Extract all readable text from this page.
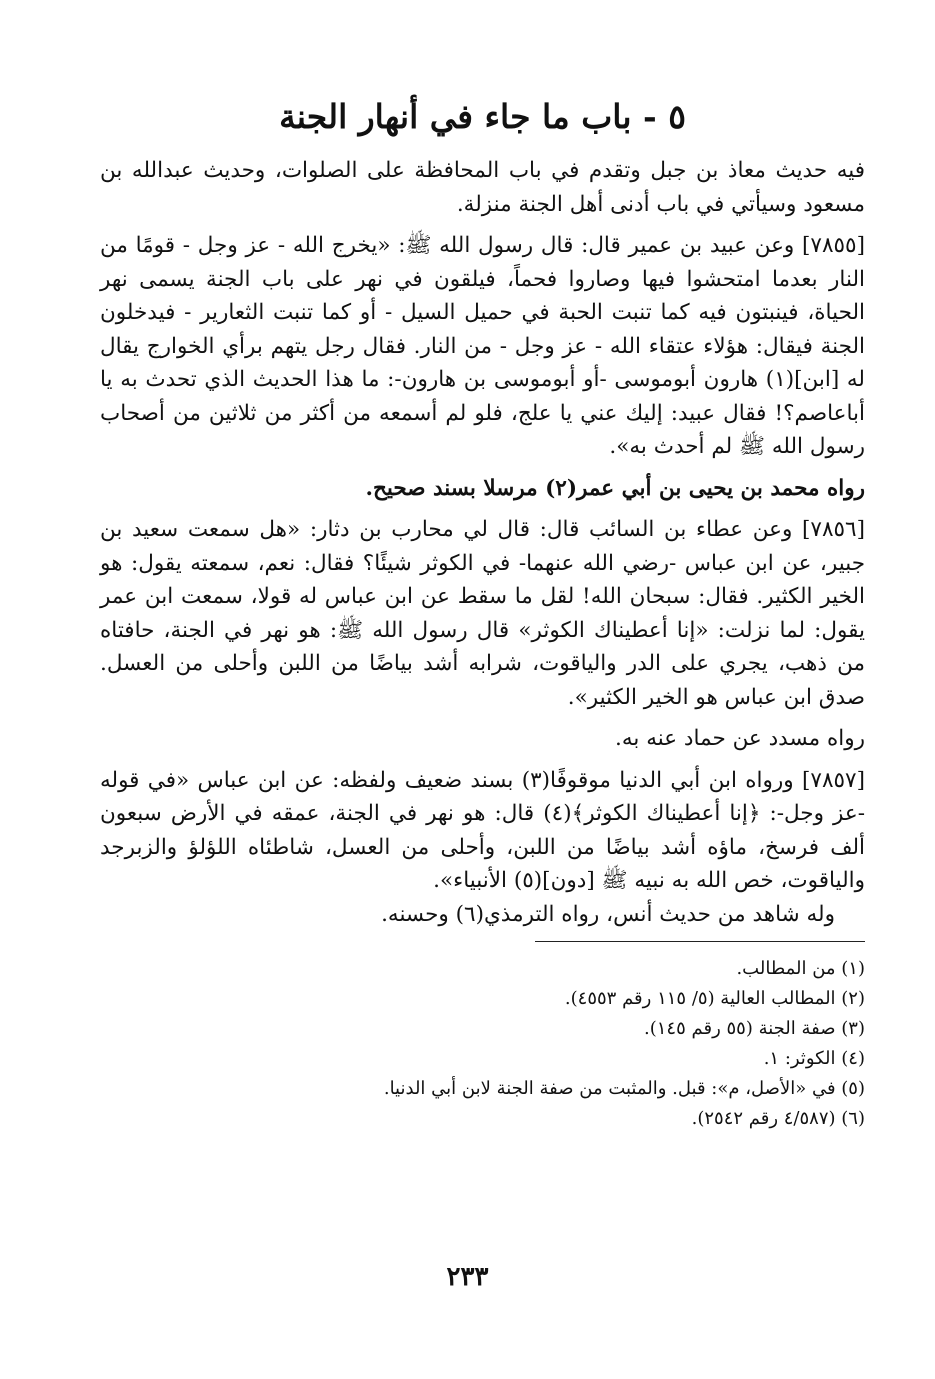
٥ - باب ما جاء في أنهار الجنة

فيه حديث معاذ بن جبل وتقدم في باب المحافظة على الصلوات، وحديث عبدالله بن مسعود وسيأتي في باب أدنى أهل الجنة منزلة.

[٧٨٥٥] وعن عبيد بن عمير قال: قال رسول الله ﷺ: «يخرج الله - عز وجل - قومًا من النار بعدما امتحشوا فيها وصاروا فحماً، فيلقون في نهر على باب الجنة يسمى نهر الحياة، فينبتون فيه كما تنبت الحبة في حميل السيل - أو كما تنبت الثعارير - فيدخلون الجنة فيقال: هؤلاء عتقاء الله - عز وجل - من النار. فقال رجل يتهم برأي الخوارج يقال له [ابن](١) هارون أبوموسى -أو أبوموسى بن هارون-: ما هذا الحديث الذي تحدث به يا أباعاصم؟! فقال عبيد: إليك عني يا علج، فلو لم أسمعه من أكثر من ثلاثين من أصحاب رسول الله ﷺ لم أحدث به».

رواه محمد بن يحيى بن أبي عمر(٢) مرسلا بسند صحيح.

[٧٨٥٦] وعن عطاء بن السائب قال: قال لي محارب بن دثار: «هل سمعت سعيد بن جبير، عن ابن عباس -رضي الله عنهما- في الكوثر شيئًا؟ فقال: نعم، سمعته يقول: هو الخير الكثير. فقال: سبحان الله! لقل ما سقط عن ابن عباس له قولا، سمعت ابن عمر يقول: لما نزلت: «إنا أعطيناك الكوثر» قال رسول الله ﷺ: هو نهر في الجنة، حافتاه من ذهب، يجري على الدر والياقوت، شرابه أشد بياضًا من اللبن وأحلى من العسل. صدق ابن عباس هو الخير الكثير».

رواه مسدد عن حماد عنه به.

[٧٨٥٧] ورواه ابن أبي الدنيا موقوفًا(٣) بسند ضعيف ولفظه: عن ابن عباس «في قوله -عز وجل-: ﴿إنا أعطيناك الكوثر﴾(٤) قال: هو نهر في الجنة، عمقه في الأرض سبعون ألف فرسخ، ماؤه أشد بياضًا من اللبن، وأحلى من العسل، شاطئاه اللؤلؤ والزبرجد والياقوت، خص الله به نبيه ﷺ [دون](٥) الأنبياء».

وله شاهد من حديث أنس، رواه الترمذي(٦) وحسنه.

(١) من المطالب.

(٢) المطالب العالية (٥/ ١١٥ رقم ٤٥٥٣).

(٣) صفة الجنة (٥٥ رقم ١٤٥).

(٤) الكوثر: ١.

(٥) في «الأصل، م»: قبل. والمثبت من صفة الجنة لابن أبي الدنيا.

(٦) (٤/٥٨٧ رقم ٢٥٤٢).

٢٣٣
